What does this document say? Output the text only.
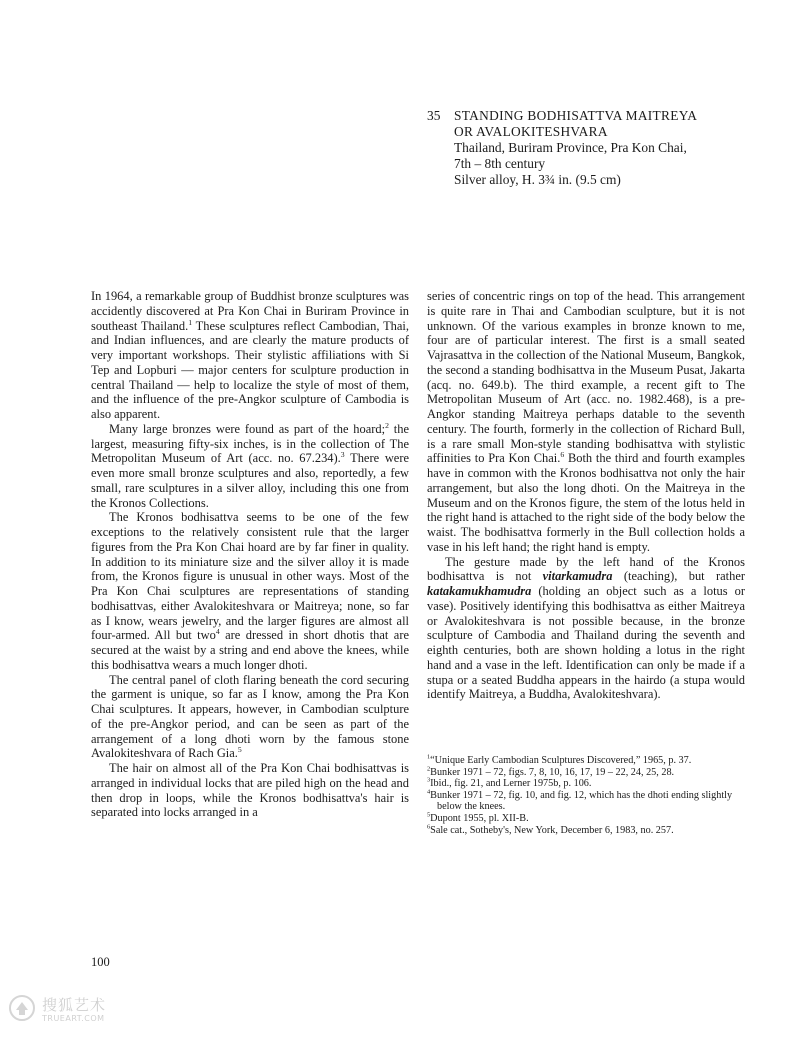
35 STANDING BODHISATTVA MAITREYA
OR AVALOKITESHVARA
Thailand, Buriram Province, Pra Kon Chai,
7th – 8th century
Silver alloy, H. 3¾ in. (9.5 cm)

In 1964, a remarkable group of Buddhist bronze sculptures was accidently discovered at Pra Kon Chai in Buriram Province in southeast Thailand.$^1$ These sculptures reflect Cambodian, Thai, and Indian influences, and are clearly the mature products of very important workshops. Their stylistic affiliations with Si Tep and Lopburi — major centers for sculpture production in central Thailand — help to localize the style of most of them, and the influence of the pre-Angkor sculpture of Cambodia is also apparent.

Many large bronzes were found as part of the hoard;$^2$ the largest, measuring fifty-six inches, is in the collection of The Metropolitan Museum of Art (acc. no. 67.234).$^3$ There were even more small bronze sculptures and also, reportedly, a few small, rare sculptures in a silver alloy, including this one from the Kronos Collections.

The Kronos bodhisattva seems to be one of the few exceptions to the relatively consistent rule that the larger figures from the Pra Kon Chai hoard are by far finer in quality. In addition to its miniature size and the silver alloy it is made from, the Kronos figure is unusual in other ways. Most of the Pra Kon Chai sculptures are representations of standing bodhisattvas, either Avalokiteshvara or Maitreya; none, so far as I know, wears jewelry, and the larger figures are almost all four-armed. All but two$^4$ are dressed in short dhotis that are secured at the waist by a string and end above the knees, while this bodhisattva wears a much longer dhoti.

The central panel of cloth flaring beneath the cord securing the garment is unique, so far as I know, among the Pra Kon Chai sculptures. It appears, however, in Cambodian sculpture of the pre-Angkor period, and can be seen as part of the arrangement of a long dhoti worn by the famous stone Avalokiteshvara of Rach Gia.$^5$

The hair on almost all of the Pra Kon Chai bodhisattvas is arranged in individual locks that are piled high on the head and then drop in loops, while the Kronos bodhisattva's hair is separated into locks arranged in a

series of concentric rings on top of the head. This arrangement is quite rare in Thai and Cambodian sculpture, but it is not unknown. Of the various examples in bronze known to me, four are of particular interest. The first is a small seated Vajrasattva in the collection of the National Museum, Bangkok, the second a standing bodhisattva in the Museum Pusat, Jakarta (acq. no. 649.b). The third example, a recent gift to The Metropolitan Museum of Art (acc. no. 1982.468), is a pre-Angkor standing Maitreya perhaps datable to the seventh century. The fourth, formerly in the collection of Richard Bull, is a rare small Mon-style standing bodhisattva with stylistic affinities to Pra Kon Chai.$^6$ Both the third and fourth examples have in common with the Kronos bodhisattva not only the hair arrangement, but also the long dhoti. On the Maitreya in the Museum and on the Kronos figure, the stem of the lotus held in the right hand is attached to the right side of the body below the waist. The bodhisattva formerly in the Bull collection holds a vase in his left hand; the right hand is empty.

The gesture made by the left hand of the Kronos bodhisattva is not vitarkamudra (teaching), but rather katakamukhamudra (holding an object such as a lotus or vase). Positively identifying this bodhisattva as either Maitreya or Avalokiteshvara is not possible because, in the bronze sculpture of Cambodia and Thailand during the seventh and eighth centuries, both are shown holding a lotus in the right hand and a vase in the left. Identification can only be made if a stupa or a seated Buddha appears in the hairdo (a stupa would identify Maitreya, a Buddha, Avalokiteshvara).

$^1$“Unique Early Cambodian Sculptures Discovered,” 1965, p. 37.

$^2$Bunker 1971 – 72, figs. 7, 8, 10, 16, 17, 19 – 22, 24, 25, 28.

$^3$Ibid., fig. 21, and Lerner 1975b, p. 106.

$^4$Bunker 1971 – 72, fig. 10, and fig. 12, which has the dhoti ending slightly below the knees.

$^5$Dupont 1955, pl. XII-B.

$^6$Sale cat., Sotheby's, New York, December 6, 1983, no. 257.

100
搜狐艺术
TRUEART.COM
